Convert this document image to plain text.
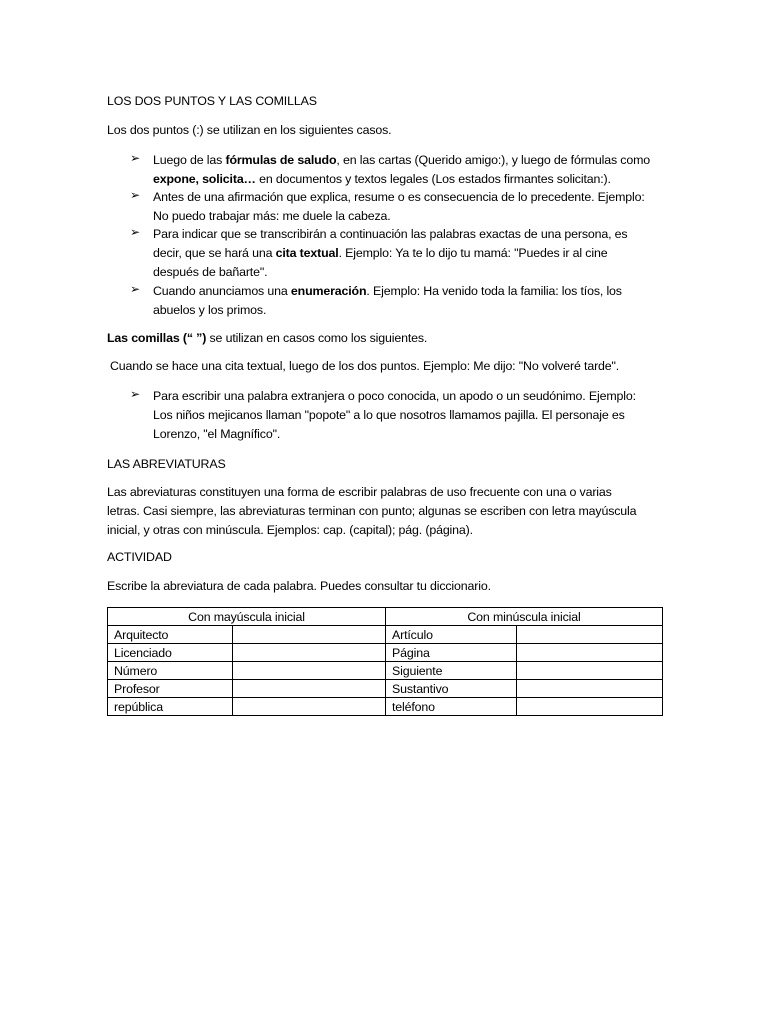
LOS DOS PUNTOS Y LAS COMILLAS
Los dos puntos (:) se utilizan en los siguientes casos.
➢ Luego de las fórmulas de saludo, en las cartas (Querido amigo:), y luego de fórmulas como
expone, solicita… en documentos y textos legales (Los estados firmantes solicitan:).
➢ Antes de una afirmación que explica, resume o es consecuencia de lo precedente. Ejemplo:
No puedo trabajar más: me duele la cabeza.
➢ Para indicar que se transcribirán a continuación las palabras exactas de una persona, es
decir, que se hará una cita textual. Ejemplo: Ya te lo dijo tu mamá: "Puedes ir al cine
después de bañarte".
➢ Cuando anunciamos una enumeración. Ejemplo: Ha venido toda la familia: los tíos, los
abuelos y los primos.
Las comillas (“ ”) se utilizan en casos como los siguientes.
Cuando se hace una cita textual, luego de los dos puntos. Ejemplo: Me dijo: "No volveré tarde".
➢ Para escribir una palabra extranjera o poco conocida, un apodo o un seudónimo. Ejemplo:
Los niños mejicanos llaman "popote" a lo que nosotros llamamos pajilla. El personaje es
Lorenzo, "el Magnífico".
LAS ABREVIATURAS
Las abreviaturas constituyen una forma de escribir palabras de uso frecuente con una o varias
letras. Casi siempre, las abreviaturas terminan con punto; algunas se escriben con letra mayúscula
inicial, y otras con minúscula. Ejemplos: cap. (capital); pág. (página).
ACTIVIDAD
Escribe la abreviatura de cada palabra. Puedes consultar tu diccionario.
Con mayúscula inicial		Con minúscula inicial	
Arquitecto		Artículo	
Licenciado		Página	
Número		Siguiente	
Profesor		Sustantivo	
república		teléfono	
